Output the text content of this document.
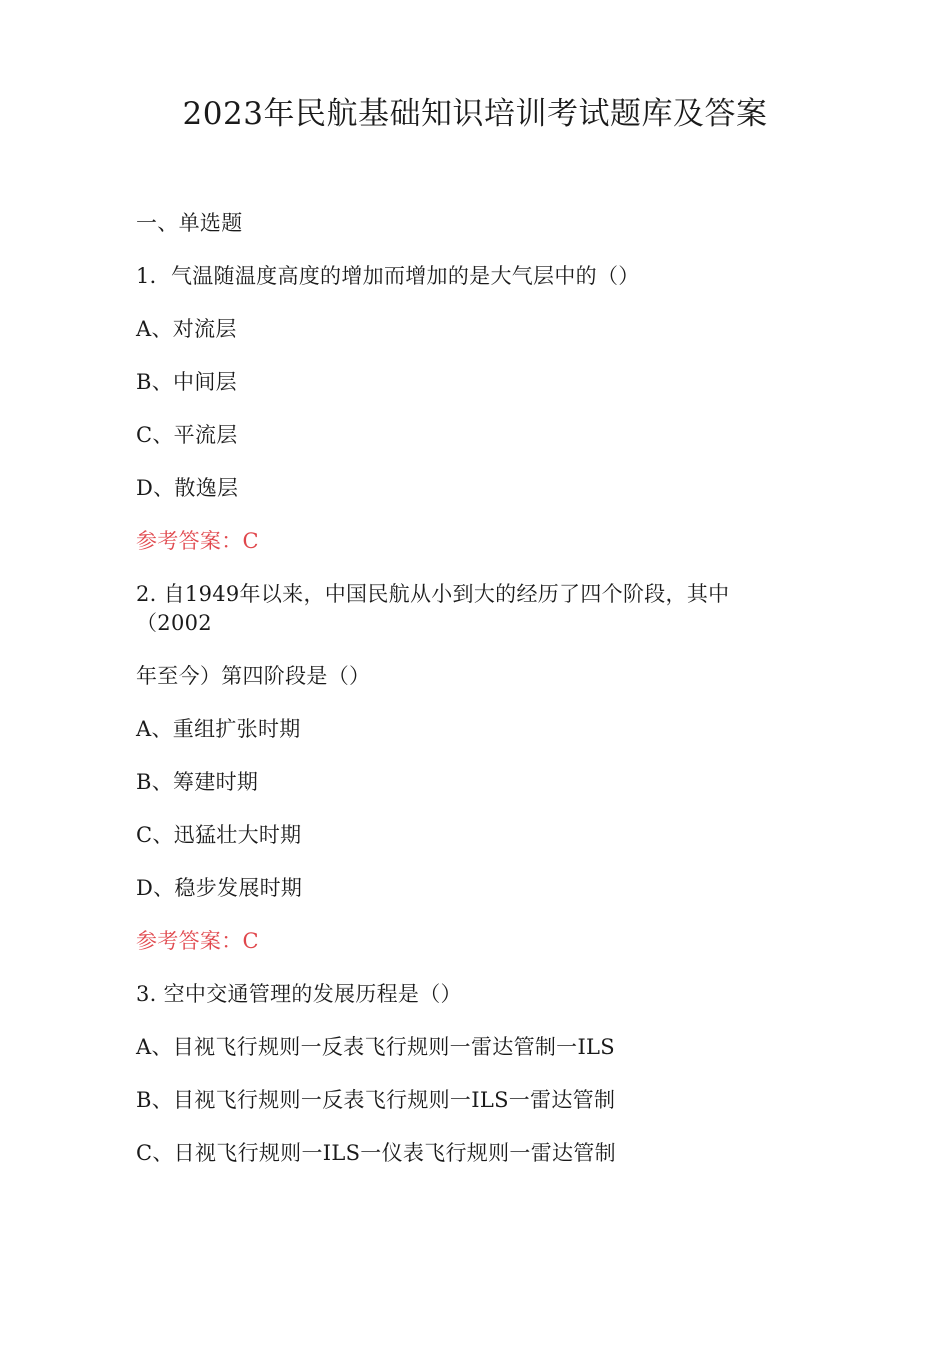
2023年民航基础知识培训考试题库及答案
一、单选题
1．气温随温度高度的增加而增加的是大气层中的（）
A、对流层
B、中间层
C、平流层
D、散逸层
参考答案：C
2. 自1949年以来，中国民航从小到大的经历了四个阶段，其中
（2002
年至今）第四阶段是（）
A、重组扩张时期
B、筹建时期
C、迅猛壮大时期
D、稳步发展时期
参考答案：C
3. 空中交通管理的发展历程是（）
A、目视飞行规则一反表飞行规则一雷达管制一ILS
B、目视飞行规则一反表飞行规则一ILS一雷达管制
C、日视飞行规则一ILS一仪表飞行规则一雷达管制
